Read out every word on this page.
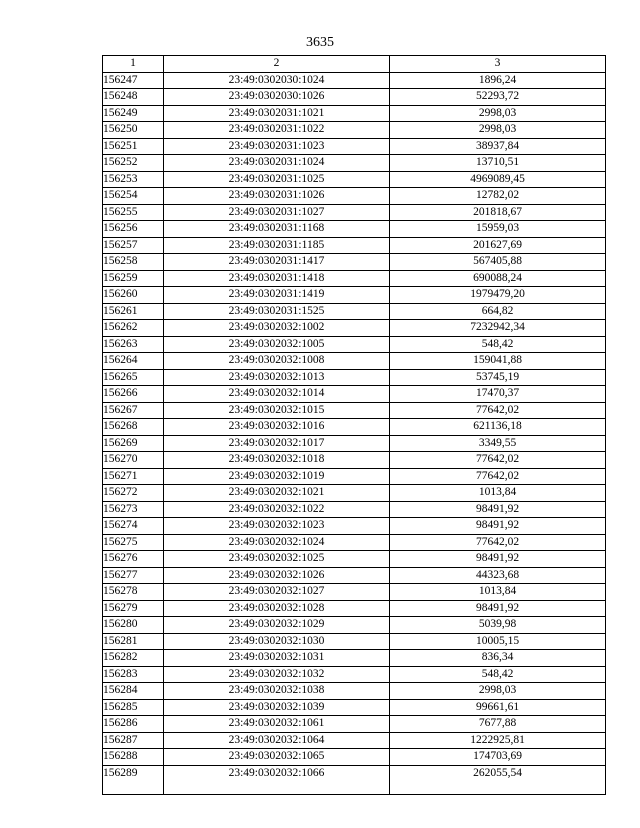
3635
1	2	3
156247	23:49:0302030:1024	1896,24
156248	23:49:0302030:1026	52293,72
156249	23:49:0302031:1021	2998,03
156250	23:49:0302031:1022	2998,03
156251	23:49:0302031:1023	38937,84
156252	23:49:0302031:1024	13710,51
156253	23:49:0302031:1025	4969089,45
156254	23:49:0302031:1026	12782,02
156255	23:49:0302031:1027	201818,67
156256	23:49:0302031:1168	15959,03
156257	23:49:0302031:1185	201627,69
156258	23:49:0302031:1417	567405,88
156259	23:49:0302031:1418	690088,24
156260	23:49:0302031:1419	1979479,20
156261	23:49:0302031:1525	664,82
156262	23:49:0302032:1002	7232942,34
156263	23:49:0302032:1005	548,42
156264	23:49:0302032:1008	159041,88
156265	23:49:0302032:1013	53745,19
156266	23:49:0302032:1014	17470,37
156267	23:49:0302032:1015	77642,02
156268	23:49:0302032:1016	621136,18
156269	23:49:0302032:1017	3349,55
156270	23:49:0302032:1018	77642,02
156271	23:49:0302032:1019	77642,02
156272	23:49:0302032:1021	1013,84
156273	23:49:0302032:1022	98491,92
156274	23:49:0302032:1023	98491,92
156275	23:49:0302032:1024	77642,02
156276	23:49:0302032:1025	98491,92
156277	23:49:0302032:1026	44323,68
156278	23:49:0302032:1027	1013,84
156279	23:49:0302032:1028	98491,92
156280	23:49:0302032:1029	5039,98
156281	23:49:0302032:1030	10005,15
156282	23:49:0302032:1031	836,34
156283	23:49:0302032:1032	548,42
156284	23:49:0302032:1038	2998,03
156285	23:49:0302032:1039	99661,61
156286	23:49:0302032:1061	7677,88
156287	23:49:0302032:1064	1222925,81
156288	23:49:0302032:1065	174703,69
156289	23:49:0302032:1066	262055,54
